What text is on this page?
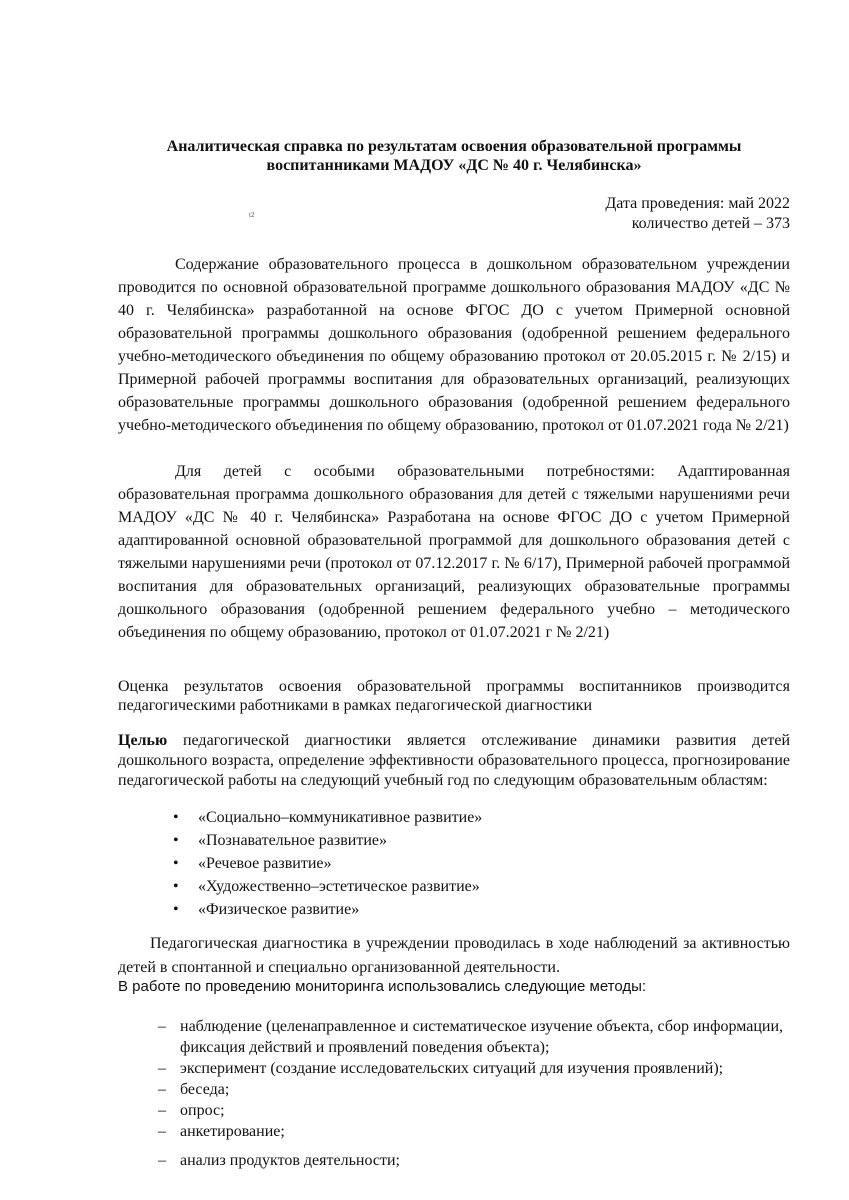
Аналитическая справка по результатам освоения образовательной программы
воспитанниками МАДОУ «ДС № 40 г. Челябинска»
Дата проведения: май 2022
количество детей – 373
t2

Содержание образовательного процесса в дошкольном образовательном учреждении проводится по основной образовательной программе дошкольного образования МАДОУ «ДС № 40 г. Челябинска» разработанной на основе ФГОС ДО с учетом Примерной основной образовательной программы дошкольного образования (одобренной решением федерального учебно-методического объединения по общему образованию протокол от 20.05.2015 г. № 2/15) и Примерной рабочей программы воспитания для образовательных организаций, реализующих образовательные программы дошкольного образования (одобренной решением федерального учебно-методического объединения по общему образованию, протокол от 01.07.2021 года № 2/21)

Для детей с особыми образовательными потребностями: Адаптированная образовательная программа дошкольного образования для детей с тяжелыми нарушениями речи МАДОУ «ДС № 40 г. Челябинска» Разработана на основе ФГОС ДО с учетом Примерной адаптированной основной образовательной программой для дошкольного образования детей с тяжелыми нарушениями речи (протокол от 07.12.2017 г. № 6/17), Примерной рабочей программой воспитания для образовательных организаций, реализующих образовательные программы дошкольного образования (одобренной решением федерального учебно – методического объединения по общему образованию, протокол от 01.07.2021 г № 2/21)

Оценка результатов освоения образовательной программы воспитанников производится педагогическими работниками в рамках педагогической диагностики

Целью педагогической диагностики является отслеживание динамики развития детей дошкольного возраста, определение эффективности образовательного процесса, прогнозирование педагогической работы на следующий учебный год по следующим образовательным областям:

• «Социально–коммуникативное развитие»
• «Познавательное развитие»
• «Речевое развитие»
• «Художественно–эстетическое развитие»
• «Физическое развитие»

Педагогическая диагностика в учреждении проводилась в ходе наблюдений за активностью детей в спонтанной и специально организованной деятельности.

В работе по проведению мониторинга использовались следующие методы:

– наблюдение (целенаправленное и систематическое изучение объекта, сбор информации, фиксация действий и проявлений поведения объекта);
– эксперимент (создание исследовательских ситуаций для изучения проявлений);
– беседа;
– опрос;
– анкетирование;
– анализ продуктов деятельности;
